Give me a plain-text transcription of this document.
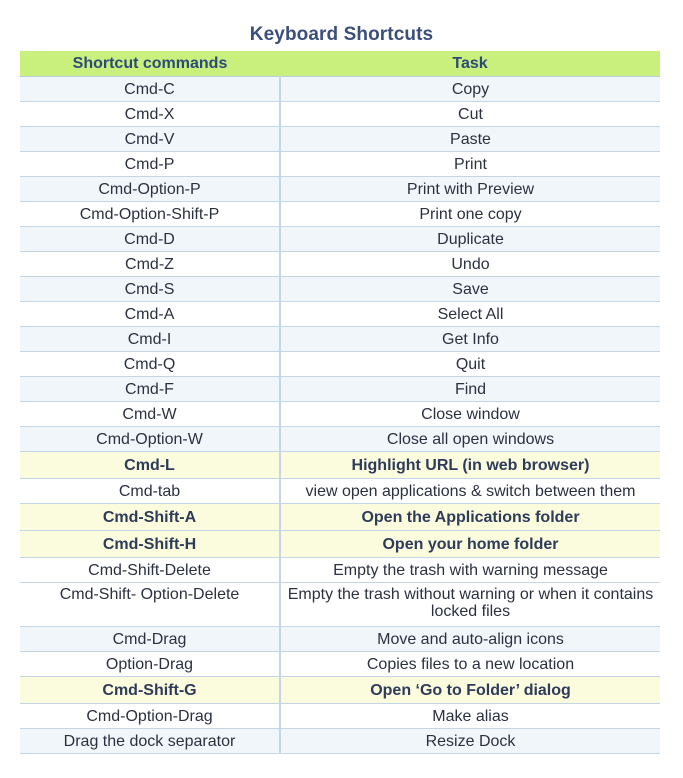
Keyboard Shortcuts
Shortcut commands	Task
Cmd-C	Copy
Cmd-X	Cut
Cmd-V	Paste
Cmd-P	Print
Cmd-Option-P	Print with Preview
Cmd-Option-Shift-P	Print one copy
Cmd-D	Duplicate
Cmd-Z	Undo
Cmd-S	Save
Cmd-A	Select All
Cmd-I	Get Info
Cmd-Q	Quit
Cmd-F	Find
Cmd-W	Close window
Cmd-Option-W	Close all open windows
Cmd-L	Highlight URL (in web browser)
Cmd-tab	view open applications & switch between them
Cmd-Shift-A	Open the Applications folder
Cmd-Shift-H	Open your home folder
Cmd-Shift-Delete	Empty the trash with warning message
Cmd-Shift- Option-Delete	Empty the trash without warning or when it contains locked files
Cmd-Drag	Move and auto-align icons
Option-Drag	Copies files to a new location
Cmd-Shift-G	Open ‘Go to Folder’ dialog
Cmd-Option-Drag	Make alias
Drag the dock separator	Resize Dock
